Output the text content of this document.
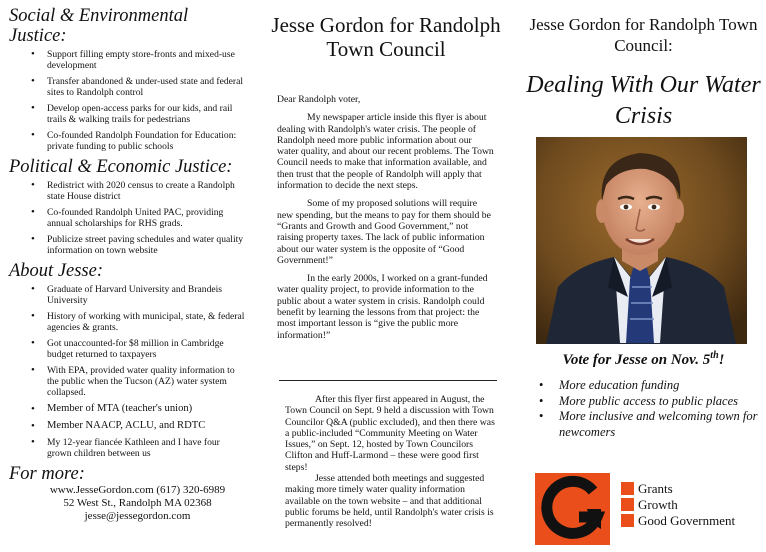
Social & Environmental Justice:
• Support filling empty store-fronts and mixed-use development
• Transfer abandoned & under-used state and federal sites to Randolph control
• Develop open-access parks for our kids, and rail trails & walking trails for pedestrians
• Co-founded Randolph Foundation for Education: private funding to public schools
Political & Economic Justice:
• Redistrict with 2020 census to create a Randolph state House district
• Co-founded Randolph United PAC, providing annual scholarships for RHS grads.
• Publicize street paving schedules and water quality information on town website
About Jesse:
• Graduate of Harvard University and Brandeis University
• History of working with municipal, state, & federal agencies & grants.
• Got unaccounted-for $8 million in Cambridge budget returned to taxpayers
• With EPA, provided water quality information to the public when the Tucson (AZ) water system collapsed.
• Member of MTA (teacher's union)
• Member NAACP, ACLU, and RDTC
• My 12-year fiancée Kathleen and I have four grown children between us
For more:
www.JesseGordon.com (617) 320-6989
52 West St., Randolph MA 02368
jesse@jessegordon.com
Jesse Gordon for Randolph Town Council

Dear Randolph voter,

My newspaper article inside this flyer is about dealing with Randolph's water crisis. The people of Randolph need more public information about our water quality, and about our recent problems. The Town Council needs to make that information available, and then trust that the people of Randolph will apply that information to decide the next steps.

Some of my proposed solutions will require new spending, but the means to pay for them should be “Grants and Growth and Good Government,” not raising property taxes. The lack of public information about our water system is the opposite of “Good Government!”

In the early 2000s, I worked on a grant-funded water quality project, to provide information to the public about a water system in crisis. Randolph could benefit by learning the lessons from that project: the most important lesson is “give the public more information!”

After this flyer first appeared in August, the Town Council on Sept. 9 held a discussion with Town Councilor Q&A (public excluded), and then there was a public-included “Community Meeting on Water Issues,” on Sept. 12, hosted by Town Councilors Clifton and Huff-Larmond – these were good first steps!

Jesse attended both meetings and suggested making more timely water quality information available on the town website – and that additional public forums be held, until Randolph's water crisis is permanently resolved!

Jesse Gordon for Randolph Town Council:
Dealing With Our Water Crisis
Vote for Jesse on Nov. 5th!
• More education funding
• More public access to public places
• More inclusive and welcoming town for newcomers
Grants
Growth
Good Government
